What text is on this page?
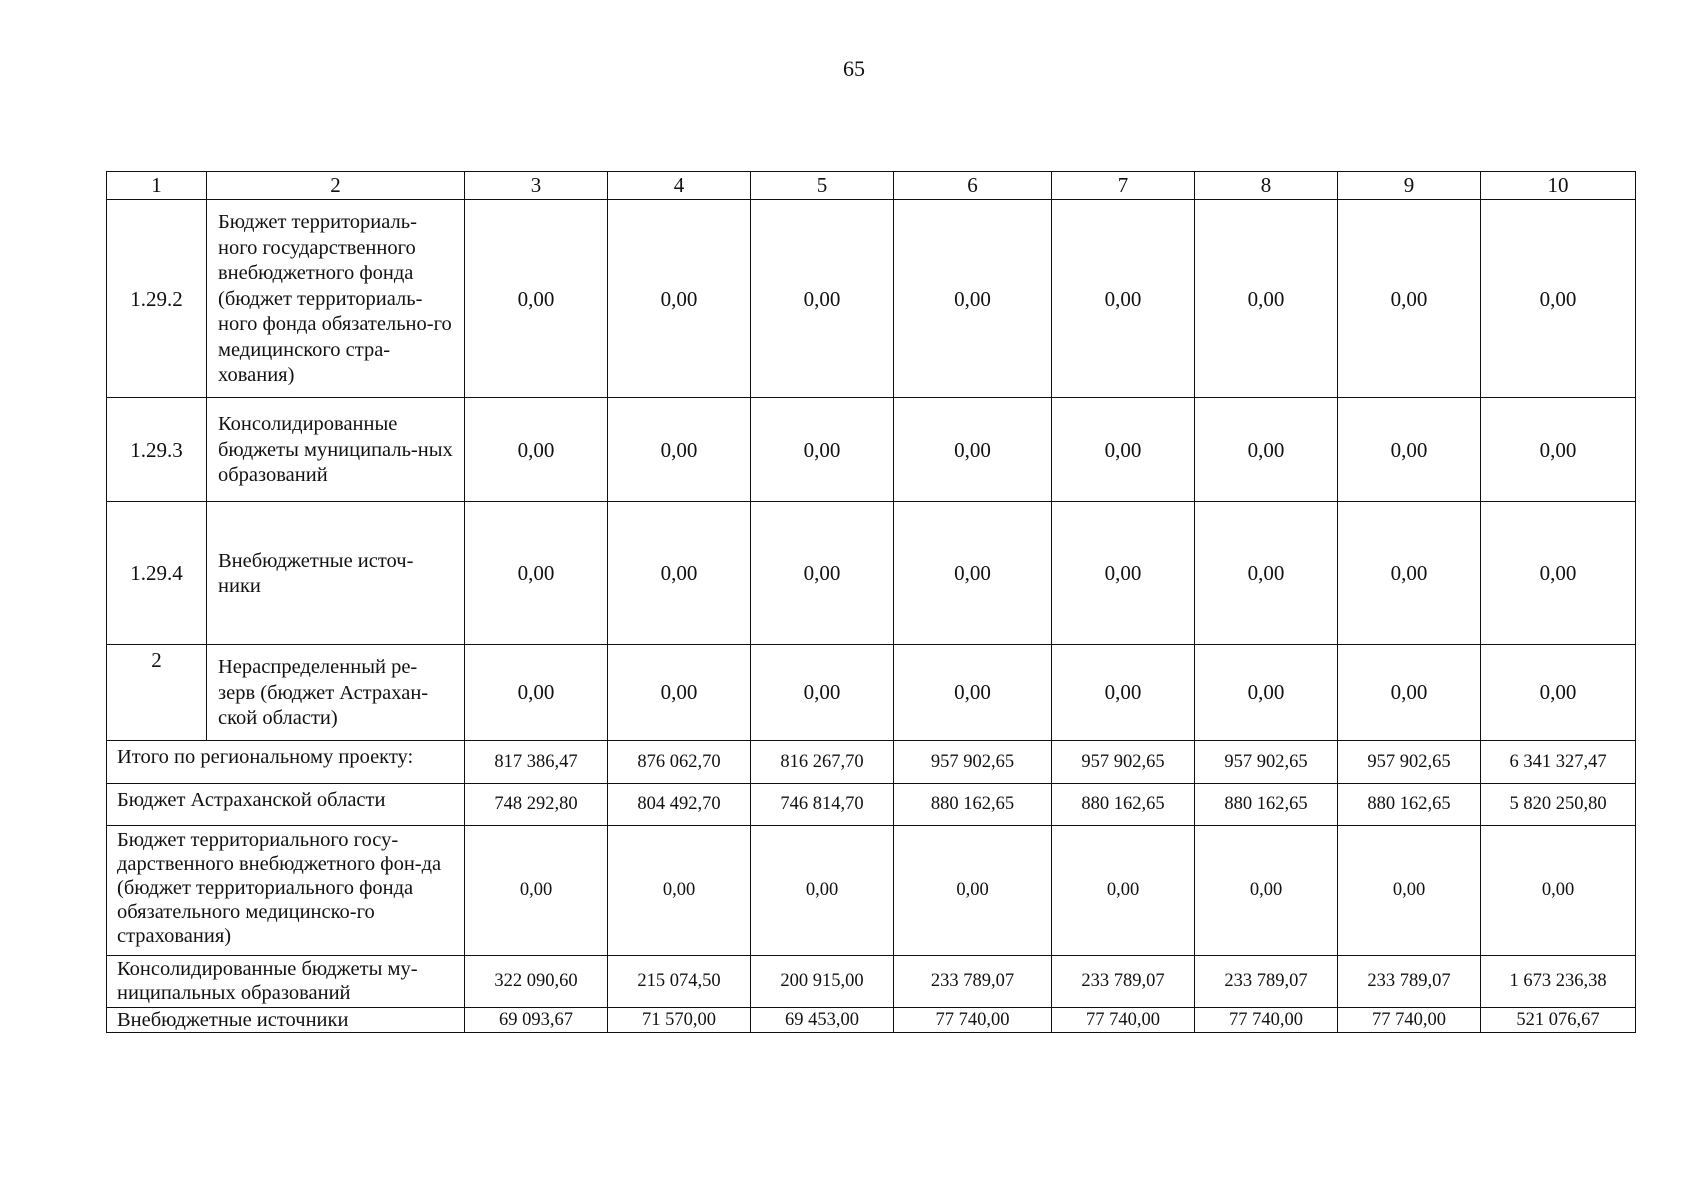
65
1	2	3	4	5	6	7	8	9	10
1.29.2	Бюджет территориаль-ного государственного внебюджетного фонда (бюджет территориаль-ного фонда обязательно-го медицинского стра-хования)	0,00	0,00	0,00	0,00	0,00	0,00	0,00	0,00
1.29.3	Консолидированные бюджеты муниципаль-ных образований	0,00	0,00	0,00	0,00	0,00	0,00	0,00	0,00
1.29.4	Внебюджетные источ-ники	0,00	0,00	0,00	0,00	0,00	0,00	0,00	0,00
2	Нераспределенный ре-зерв (бюджет Астрахан-ской области)	0,00	0,00	0,00	0,00	0,00	0,00	0,00	0,00
Итого по региональному проекту:		817 386,47	876 062,70	816 267,70	957 902,65	957 902,65	957 902,65	957 902,65	6 341 327,47
Бюджет Астраханской области		748 292,80	804 492,70	746 814,70	880 162,65	880 162,65	880 162,65	880 162,65	5 820 250,80
Бюджет территориального госу-дарственного внебюджетного фон-да (бюджет территориального фонда обязательного медицинско-го страхования)		0,00	0,00	0,00	0,00	0,00	0,00	0,00	0,00
Консолидированные бюджеты му-ниципальных образований		322 090,60	215 074,50	200 915,00	233 789,07	233 789,07	233 789,07	233 789,07	1 673 236,38
Внебюджетные источники		69 093,67	71 570,00	69 453,00	77 740,00	77 740,00	77 740,00	77 740,00	521 076,67
